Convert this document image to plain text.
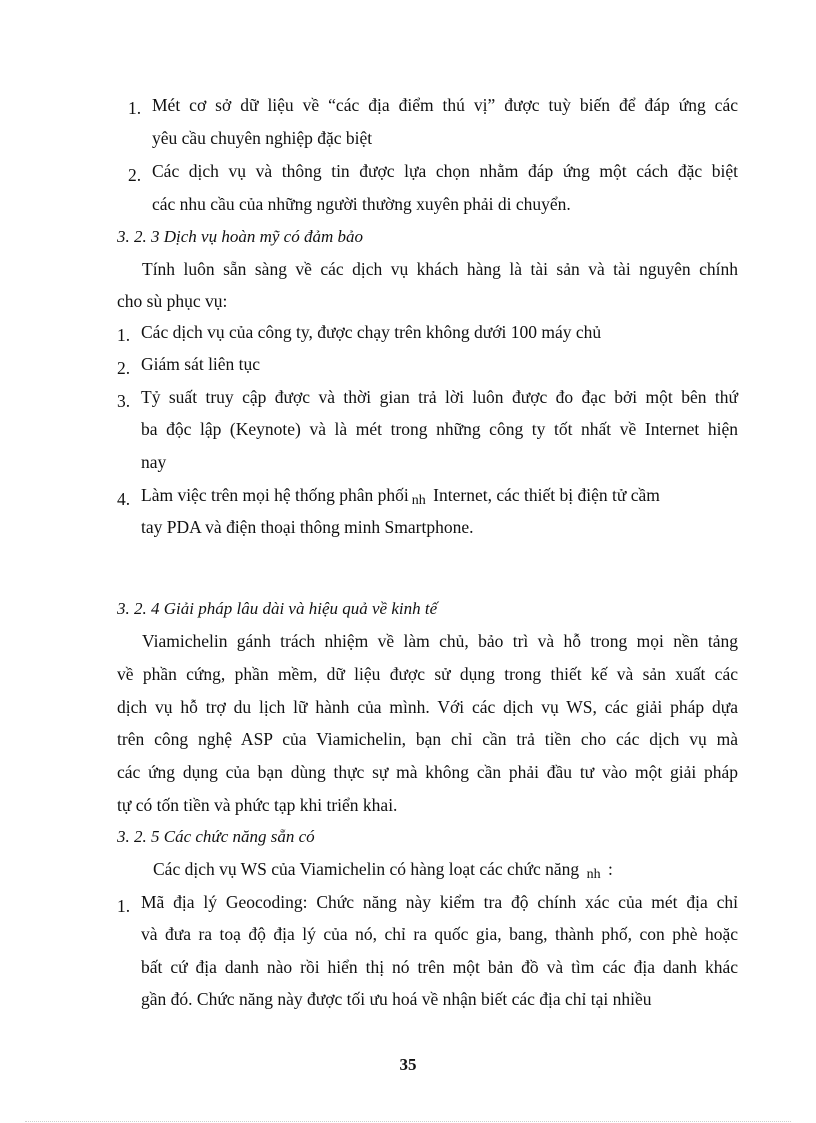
1. Mét cơ sở dữ liệu về “các địa điểm thú vị” được tuỳ biến để đáp ứng các
yêu cầu chuyên nghiệp đặc biệt
2. Các dịch vụ và thông tin được lựa chọn nhằm đáp ứng một cách đặc biệt
các nhu cầu của những người thường xuyên phải di chuyển.
3. 2. 3 Dịch vụ hoàn mỹ có đảm bảo
Tính luôn sẵn sàng về các dịch vụ khách hàng là tài sản và tài nguyên chính
cho sù phục vụ:
1. Các dịch vụ của công ty, được chạy trên không dưới 100 máy chủ
2. Giám sát liên tục
3. Tỷ suất truy cập được và thời gian trả lời luôn được đo đạc bởi một bên thứ
ba độc lập (Keynote) và là mét trong những công ty tốt nhất về Internet hiện
nay
4. Làm việc trên mọi hệ thống phân phối $_{nh}$ Internet, các thiết bị điện tử cầm
tay PDA và điện thoại thông minh Smartphone.
3. 2. 4 Giải pháp lâu dài và hiệu quả về kinh tế
Viamichelin gánh trách nhiệm về làm chủ, bảo trì và hỗ trong mọi nền tảng
về phần cứng, phần mềm, dữ liệu được sử dụng trong thiết kế và sản xuất các
dịch vụ hỗ trợ du lịch lữ hành của mình. Với các dịch vụ WS, các giải pháp dựa
trên công nghệ ASP của Viamichelin, bạn chỉ cần trả tiền cho các dịch vụ mà
các ứng dụng của bạn dùng thực sự mà không cần phải đầu tư vào một giải pháp
tự có tốn tiền và phức tạp khi triển khai.
3. 2. 5 Các chức năng sẵn có
Các dịch vụ WS của Viamichelin có hàng loạt các chức năng $_{nh}$ :
1. Mã địa lý Geocoding: Chức năng này kiểm tra độ chính xác của mét địa chỉ
và đưa ra toạ độ địa lý của nó, chỉ ra quốc gia, bang, thành phố, con phè hoặc
bất cứ địa danh nào rồi hiển thị nó trên một bản đồ và tìm các địa danh khác
gần đó. Chức năng này được tối ưu hoá về nhận biết các địa chỉ tại nhiều
35
